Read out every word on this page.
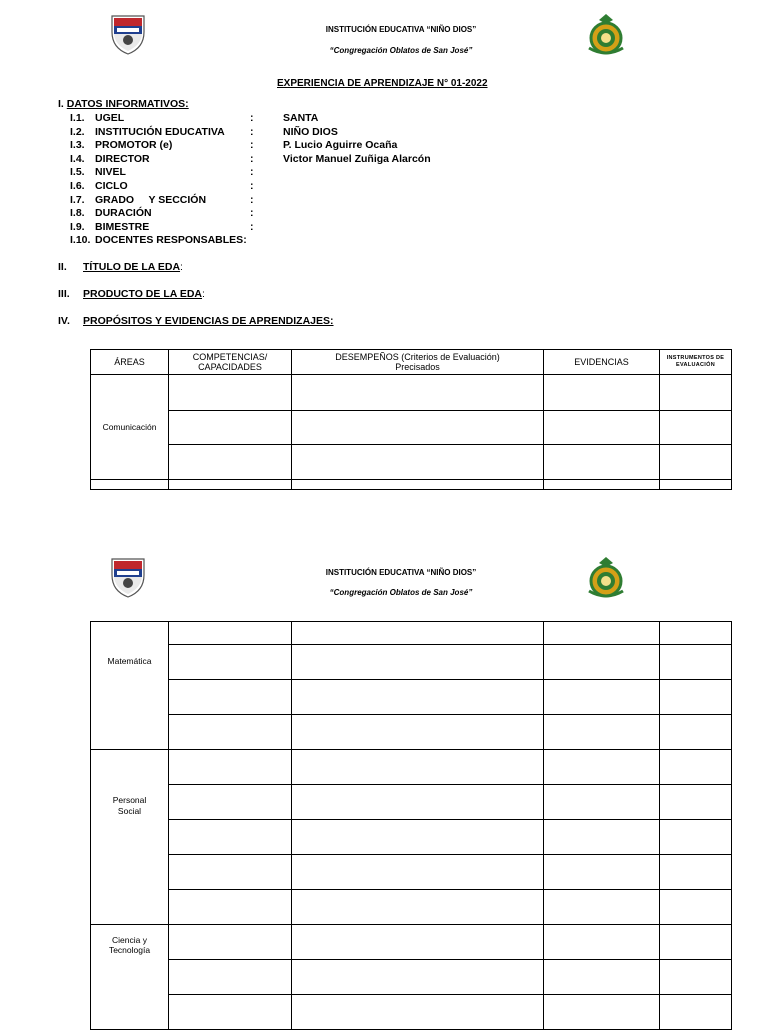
INSTITUCIÓN EDUCATIVA “NIÑO DIOS”
“Congregación Oblatos de San José”
EXPERIENCIA DE APRENDIZAJE N° 01-2022
I. DATOS INFORMATIVOS:
I.1. UGEL	:	SANTA
I.2. INSTITUCIÓN EDUCATIVA :	NIÑO DIOS
I.3. PROMOTOR (e)	:	P. Lucio Aguirre Ocaña
I.4. DIRECTOR	:	Victor Manuel Zuñiga Alarcón
I.5. NIVEL	:
I.6. CICLO	:
I.7. GRADO     Y SECCIÓN	:
I.8. DURACIÓN	:
I.9. BIMESTRE	:
I.10. DOCENTES RESPONSABLES:
II. TÍTULO DE LA EDA:
III. PRODUCTO DE LA EDA:
IV. PROPÓSITOS Y EVIDENCIAS DE APRENDIZAJES:
ÁREAS	COMPETENCIAS/ CAPACIDADES	DESEMPEÑOS (Criterios de Evaluación) Precisados	EVIDENCIAS	INSTRUMENTOS DE EVALUACIÓN
Comunicación				

INSTITUCIÓN EDUCATIVA “NIÑO DIOS”
“Congregación Oblatos de San José”
Matemática				

Personal Social				

Ciencia y Tecnología				
